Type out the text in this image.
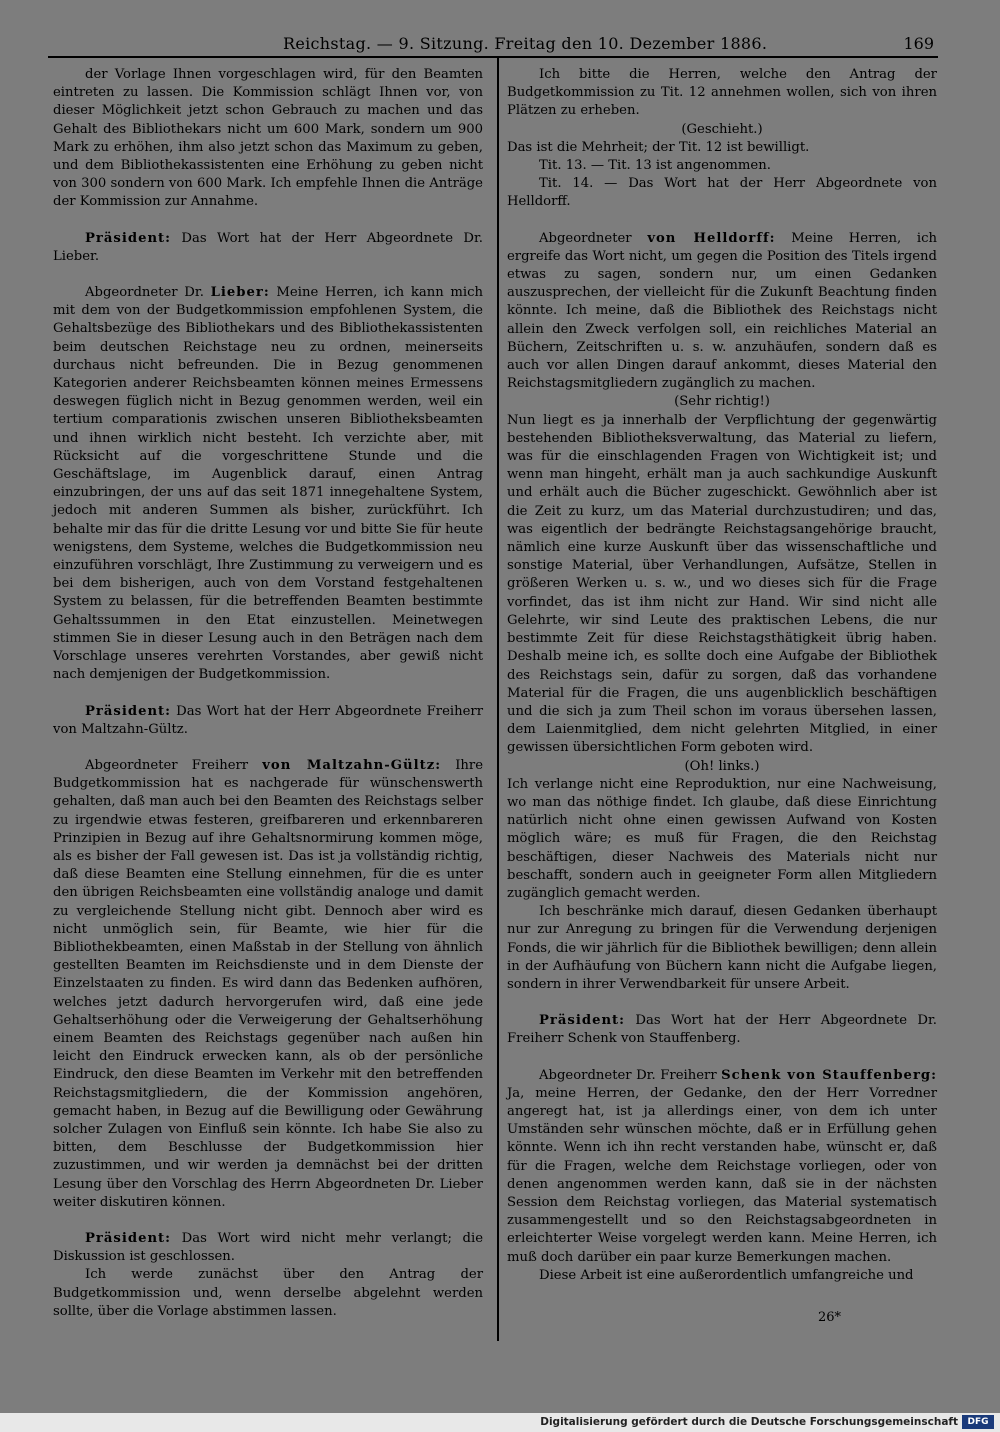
Reichstag. — 9. Sitzung. Freitag den 10. Dezember 1886.	169

der Vorlage Ihnen vorgeschlagen wird, für den Beamten eintreten zu lassen. Die Kommission schlägt Ihnen vor, von dieser Möglichkeit jetzt schon Gebrauch zu machen und das Gehalt des Bibliothekars nicht um 600 Mark, sondern um 900 Mark zu erhöhen, ihm also jetzt schon das Maximum zu geben, und dem Bibliothekassistenten eine Erhöhung zu geben nicht von 300 sondern von 600 Mark. Ich empfehle Ihnen die Anträge der Kommission zur Annahme.

Präsident: Das Wort hat der Herr Abgeordnete Dr. Lieber.

Abgeordneter Dr. Lieber: Meine Herren, ich kann mich mit dem von der Budgetkommission empfohlenen System, die Gehaltsbezüge des Bibliothekars und des Bibliothekassistenten beim deutschen Reichstage neu zu ordnen, meinerseits durchaus nicht befreunden. Die in Bezug genommenen Kategorien anderer Reichsbeamten können meines Ermessens deswegen füglich nicht in Bezug genommen werden, weil ein tertium comparationis zwischen unseren Bibliotheksbeamten und ihnen wirklich nicht besteht. Ich verzichte aber, mit Rücksicht auf die vorgeschrittene Stunde und die Geschäftslage, im Augenblick darauf, einen Antrag einzubringen, der uns auf das seit 1871 innegehaltene System, jedoch mit anderen Summen als bisher, zurückführt. Ich behalte mir das für die dritte Lesung vor und bitte Sie für heute wenigstens, dem Systeme, welches die Budgetkommission neu einzuführen vorschlägt, Ihre Zustimmung zu verweigern und es bei dem bisherigen, auch von dem Vorstand festgehaltenen System zu belassen, für die betreffenden Beamten bestimmte Gehaltssummen in den Etat einzustellen. Meinetwegen stimmen Sie in dieser Lesung auch in den Beträgen nach dem Vorschlage unseres verehrten Vorstandes, aber gewiß nicht nach demjenigen der Budgetkommission.

Präsident: Das Wort hat der Herr Abgeordnete Freiherr von Maltzahn-Gültz.

Abgeordneter Freiherr von Maltzahn-Gültz: Ihre Budgetkommission hat es nachgerade für wünschenswerth gehalten, daß man auch bei den Beamten des Reichstags selber zu irgendwie etwas festeren, greifbareren und erkennbareren Prinzipien in Bezug auf ihre Gehaltsnormirung kommen möge, als es bisher der Fall gewesen ist. Das ist ja vollständig richtig, daß diese Beamten eine Stellung einnehmen, für die es unter den übrigen Reichsbeamten eine vollständig analoge und damit zu vergleichende Stellung nicht gibt. Dennoch aber wird es nicht unmöglich sein, für Beamte, wie hier für die Bibliothekbeamten, einen Maßstab in der Stellung von ähnlich gestellten Beamten im Reichsdienste und in dem Dienste der Einzelstaaten zu finden. Es wird dann das Bedenken aufhören, welches jetzt dadurch hervorgerufen wird, daß eine jede Gehaltserhöhung oder die Verweigerung der Gehaltserhöhung einem Beamten des Reichstags gegenüber nach außen hin leicht den Eindruck erwecken kann, als ob der persönliche Eindruck, den diese Beamten im Verkehr mit den betreffenden Reichstagsmitgliedern, die der Kommission angehören, gemacht haben, in Bezug auf die Bewilligung oder Gewährung solcher Zulagen von Einfluß sein könnte. Ich habe Sie also zu bitten, dem Beschlusse der Budgetkommission hier zuzustimmen, und wir werden ja demnächst bei der dritten Lesung über den Vorschlag des Herrn Abgeordneten Dr. Lieber weiter diskutiren können.

Präsident: Das Wort wird nicht mehr verlangt; die Diskussion ist geschlossen.

Ich werde zunächst über den Antrag der Budgetkommission und, wenn derselbe abgelehnt werden sollte, über die Vorlage abstimmen lassen.

Ich bitte die Herren, welche den Antrag der Budgetkommission zu Tit. 12 annehmen wollen, sich von ihren Plätzen zu erheben.

(Geschieht.)

Das ist die Mehrheit; der Tit. 12 ist bewilligt.

Tit. 13. — Tit. 13 ist angenommen.

Tit. 14. — Das Wort hat der Herr Abgeordnete von Helldorff.

Abgeordneter von Helldorff: Meine Herren, ich ergreife das Wort nicht, um gegen die Position des Titels irgend etwas zu sagen, sondern nur, um einen Gedanken auszusprechen, der vielleicht für die Zukunft Beachtung finden könnte. Ich meine, daß die Bibliothek des Reichstags nicht allein den Zweck verfolgen soll, ein reichliches Material an Büchern, Zeitschriften u. s. w. anzuhäufen, sondern daß es auch vor allen Dingen darauf ankommt, dieses Material den Reichstagsmitgliedern zugänglich zu machen.

(Sehr richtig!)

Nun liegt es ja innerhalb der Verpflichtung der gegenwärtig bestehenden Bibliotheksverwaltung, das Material zu liefern, was für die einschlagenden Fragen von Wichtigkeit ist; und wenn man hingeht, erhält man ja auch sachkundige Auskunft und erhält auch die Bücher zugeschickt. Gewöhnlich aber ist die Zeit zu kurz, um das Material durchzustudiren; und das, was eigentlich der bedrängte Reichstagsangehörige braucht, nämlich eine kurze Auskunft über das wissenschaftliche und sonstige Material, über Verhandlungen, Aufsätze, Stellen in größeren Werken u. s. w., und wo dieses sich für die Frage vorfindet, das ist ihm nicht zur Hand. Wir sind nicht alle Gelehrte, wir sind Leute des praktischen Lebens, die nur bestimmte Zeit für diese Reichstagsthätigkeit übrig haben. Deshalb meine ich, es sollte doch eine Aufgabe der Bibliothek des Reichstags sein, dafür zu sorgen, daß das vorhandene Material für die Fragen, die uns augenblicklich beschäftigen und die sich ja zum Theil schon im voraus übersehen lassen, dem Laienmitglied, dem nicht gelehrten Mitglied, in einer gewissen übersichtlichen Form geboten wird.

(Oh! links.)

Ich verlange nicht eine Reproduktion, nur eine Nachweisung, wo man das nöthige findet. Ich glaube, daß diese Einrichtung natürlich nicht ohne einen gewissen Aufwand von Kosten möglich wäre; es muß für Fragen, die den Reichstag beschäftigen, dieser Nachweis des Materials nicht nur beschafft, sondern auch in geeigneter Form allen Mitgliedern zugänglich gemacht werden.

Ich beschränke mich darauf, diesen Gedanken überhaupt nur zur Anregung zu bringen für die Verwendung derjenigen Fonds, die wir jährlich für die Bibliothek bewilligen; denn allein in der Aufhäufung von Büchern kann nicht die Aufgabe liegen, sondern in ihrer Verwendbarkeit für unsere Arbeit.

Präsident: Das Wort hat der Herr Abgeordnete Dr. Freiherr Schenk von Stauffenberg.

Abgeordneter Dr. Freiherr Schenk von Stauffenberg: Ja, meine Herren, der Gedanke, den der Herr Vorredner angeregt hat, ist ja allerdings einer, von dem ich unter Umständen sehr wünschen möchte, daß er in Erfüllung gehen könnte. Wenn ich ihn recht verstanden habe, wünscht er, daß für die Fragen, welche dem Reichstage vorliegen, oder von denen angenommen werden kann, daß sie in der nächsten Session dem Reichstag vorliegen, das Material systematisch zusammengestellt und so den Reichstagsabgeordneten in erleichterter Weise vorgelegt werden kann. Meine Herren, ich muß doch darüber ein paar kurze Bemerkungen machen.

Diese Arbeit ist eine außerordentlich umfangreiche und

26*
Digitalisierung gefördert durch die Deutsche Forschungsgemeinschaft	DFG
